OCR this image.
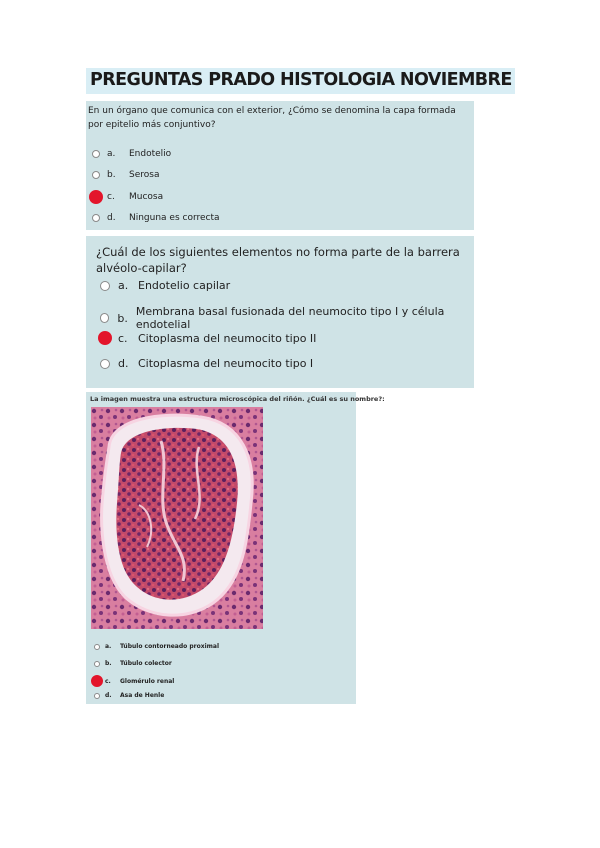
PREGUNTAS PRADO HISTOLOGIA NOVIEMBRE
En un órgano que comunica con el exterior, ¿Cómo se denomina la capa formada por epitelio más conjuntivo?
a.	Endotelio
b.	Serosa
c.	Mucosa
d.	Ninguna es correcta
¿Cuál de los siguientes elementos no forma parte de la barrera alvéolo-capilar?
a. Endotelio capilar
b. Membrana basal fusionada del neumocito tipo I y célula endotelial
c. Citoplasma del neumocito tipo II
d. Citoplasma del neumocito tipo I
La imagen muestra una estructura microscópica del riñón. ¿Cuál es su nombre?:
a.	Túbulo contorneado proximal
b.	Túbulo colector
c.	Glomérulo renal
d.	Asa de Henle
